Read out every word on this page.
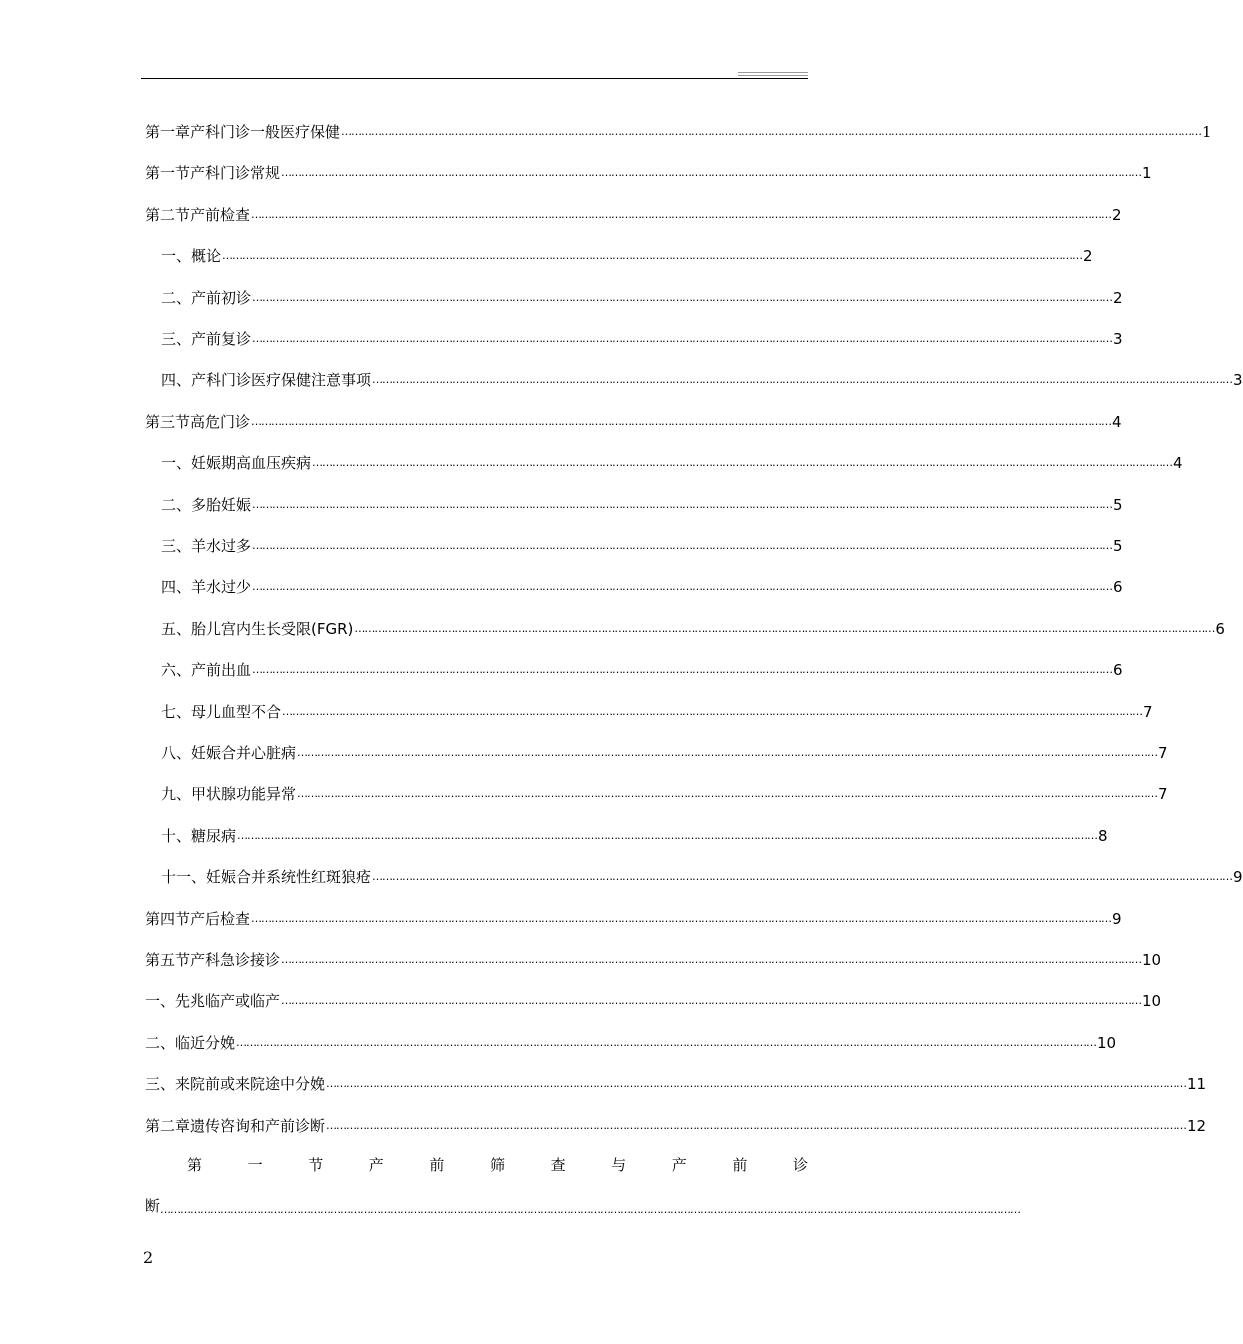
第一章产科门诊一般医疗保健 …………………………………………………………………………………………………………………………………………………………………………………………………………………………………… 1
第一节产科门诊常规 …………………………………………………………………………………………………………………………………………………………………………………………………………………………………… 1
第二节产前检查 …………………………………………………………………………………………………………………………………………………………………………………………………………………………………… 2
一、概论 …………………………………………………………………………………………………………………………………………………………………………………………………………………………………… 2
二、产前初诊 …………………………………………………………………………………………………………………………………………………………………………………………………………………………………… 2
三、产前复诊 …………………………………………………………………………………………………………………………………………………………………………………………………………………………………… 3
四、产科门诊医疗保健注意事项 …………………………………………………………………………………………………………………………………………………………………………………………………………………………………… 3
第三节高危门诊 …………………………………………………………………………………………………………………………………………………………………………………………………………………………………… 4
一、妊娠期高血压疾病 …………………………………………………………………………………………………………………………………………………………………………………………………………………………………… 4
二、多胎妊娠 …………………………………………………………………………………………………………………………………………………………………………………………………………………………………… 5
三、羊水过多 …………………………………………………………………………………………………………………………………………………………………………………………………………………………………… 5
四、羊水过少 …………………………………………………………………………………………………………………………………………………………………………………………………………………………………… 6
五、胎儿宫内生长受限(FGR) …………………………………………………………………………………………………………………………………………………………………………………………………………………………………… 6
六、产前出血 …………………………………………………………………………………………………………………………………………………………………………………………………………………………………… 6
七、母儿血型不合 …………………………………………………………………………………………………………………………………………………………………………………………………………………………………… 7
八、妊娠合并心脏病 …………………………………………………………………………………………………………………………………………………………………………………………………………………………………… 7
九、甲状腺功能异常 …………………………………………………………………………………………………………………………………………………………………………………………………………………………………… 7
十、糖尿病 …………………………………………………………………………………………………………………………………………………………………………………………………………………………………… 8
十一、妊娠合并系统性红斑狼疮 …………………………………………………………………………………………………………………………………………………………………………………………………………………………………… 9
第四节产后检查 …………………………………………………………………………………………………………………………………………………………………………………………………………………………………… 9
第五节产科急诊接诊 …………………………………………………………………………………………………………………………………………………………………………………………………………………………………… 10
一、先兆临产或临产 …………………………………………………………………………………………………………………………………………………………………………………………………………………………………… 10
二、临近分娩 …………………………………………………………………………………………………………………………………………………………………………………………………………………………………… 10
三、来院前或来院途中分娩 …………………………………………………………………………………………………………………………………………………………………………………………………………………………………… 11
第二章遗传咨询和产前诊断 …………………………………………………………………………………………………………………………………………………………………………………………………………………………………… 12
第	一	节	产	前	筛	查	与	产	前	诊
断 ……………………………………………………………………………………………………………………………………………………………………………………………………………………………………
2
